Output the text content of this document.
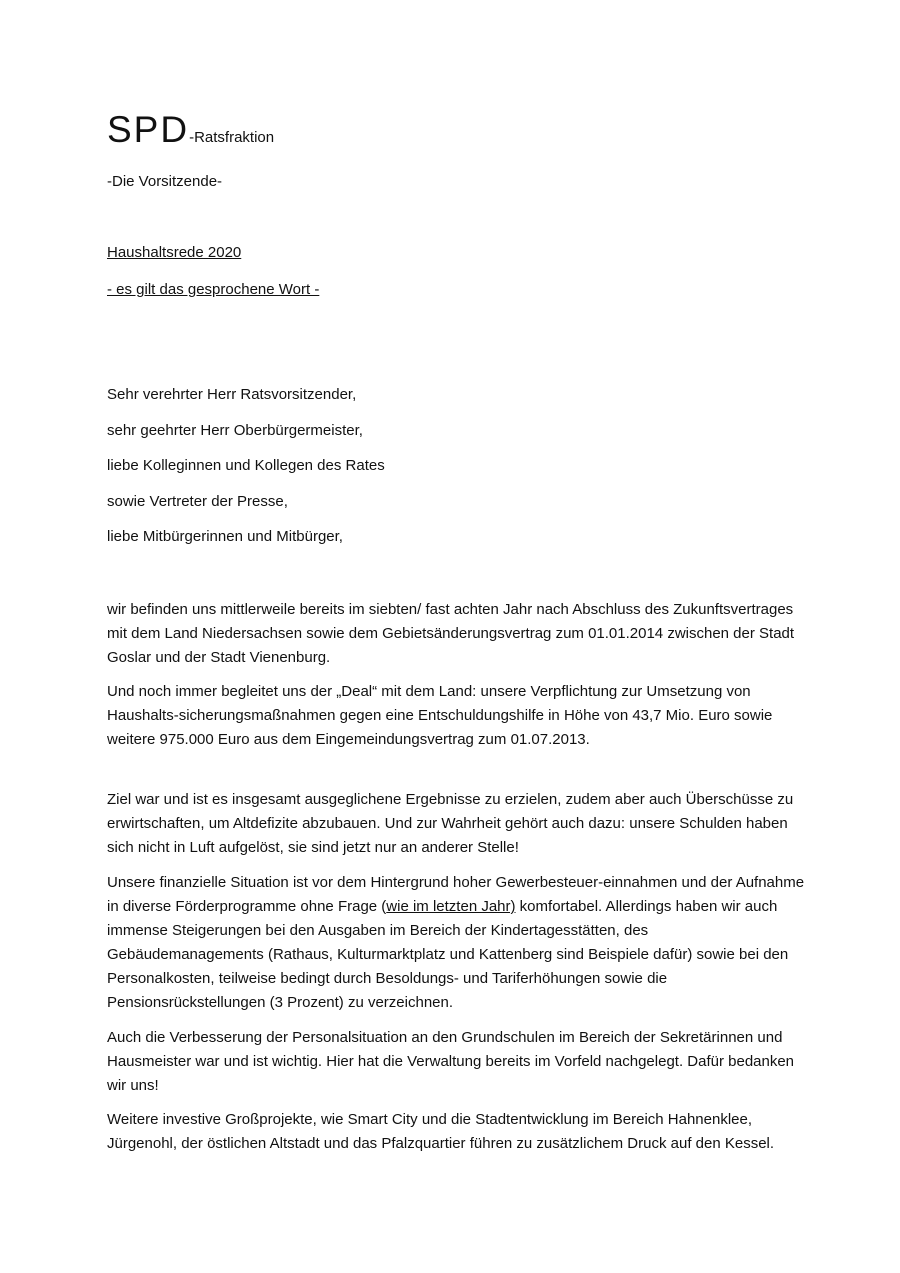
SPD-Ratsfraktion
-Die Vorsitzende-
Haushaltsrede 2020
- es gilt das gesprochene Wort -
Sehr verehrter Herr Ratsvorsitzender,
sehr geehrter Herr Oberbürgermeister,
liebe Kolleginnen und Kollegen des Rates
sowie Vertreter der Presse,
liebe Mitbürgerinnen und Mitbürger,
wir befinden uns mittlerweile bereits im siebten/ fast achten Jahr nach Abschluss des Zukunftsvertrages mit dem Land Niedersachsen sowie dem Gebietsänderungsvertrag zum 01.01.2014 zwischen der Stadt Goslar und der Stadt Vienenburg.
Und noch immer begleitet uns der „Deal“ mit dem Land: unsere Verpflichtung zur Umsetzung von Haushalts-sicherungsmaßnahmen gegen eine Entschuldungshilfe in Höhe von 43,7 Mio. Euro sowie weitere 975.000 Euro aus dem Eingemeindungsvertrag zum 01.07.2013.
Ziel war und ist es insgesamt ausgeglichene Ergebnisse zu erzielen, zudem aber auch Überschüsse zu erwirtschaften, um Altdefizite abzubauen. Und zur Wahrheit gehört auch dazu: unsere Schulden haben sich nicht in Luft aufgelöst, sie sind jetzt nur an anderer Stelle!
Unsere finanzielle Situation ist vor dem Hintergrund hoher Gewerbesteuer-einnahmen und der Aufnahme in diverse Förderprogramme ohne Frage (wie im letzten Jahr) komfortabel. Allerdings haben wir auch immense Steigerungen bei den Ausgaben im Bereich der Kindertagesstätten, des Gebäudemanagements (Rathaus, Kulturmarktplatz und Kattenberg sind Beispiele dafür) sowie bei den Personalkosten, teilweise bedingt durch Besoldungs- und Tariferhöhungen sowie die Pensionsrückstellungen (3 Prozent) zu verzeichnen.
Auch die Verbesserung der Personalsituation an den Grundschulen im Bereich der Sekretärinnen und Hausmeister war und ist wichtig. Hier hat die Verwaltung bereits im Vorfeld nachgelegt. Dafür bedanken wir uns!
Weitere investive Großprojekte, wie Smart City und die Stadtentwicklung im Bereich Hahnenklee, Jürgenohl, der östlichen Altstadt und das Pfalzquartier führen zu zusätzlichem Druck auf den Kessel.
